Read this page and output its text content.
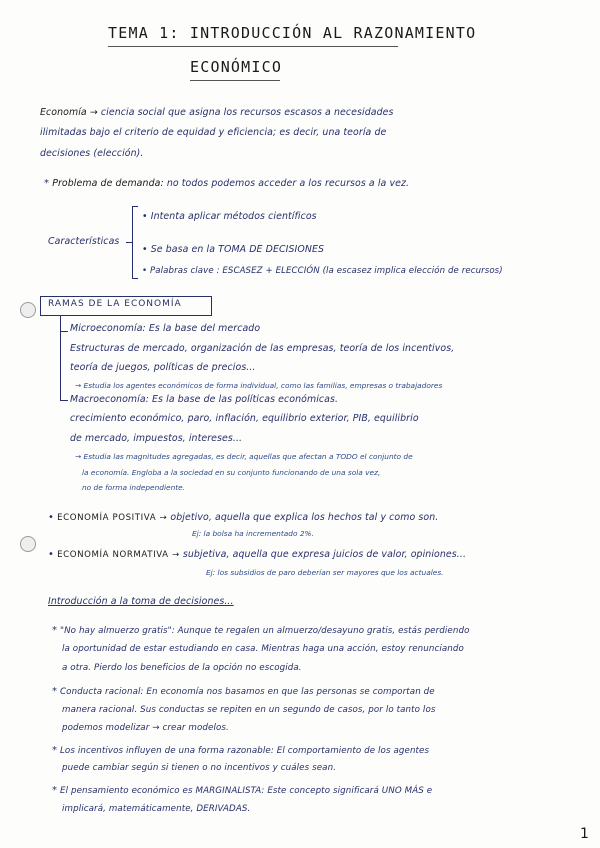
TEMA 1: INTRODUCCIÓN AL RAZONAMIENTO
ECONÓMICO
Economía → ciencia social que asigna los recursos escasos a necesidades
ilimitadas bajo el criterio de equidad y eficiencia; es decir, una teoría de
decisiones (elección).
* Problema de demanda: no todos podemos acceder a los recursos a la vez.
Características
• Intenta aplicar métodos científicos
• Se basa en la TOMA DE DECISIONES
• Palabras clave : ESCASEZ + ELECCIÓN (la escasez implica elección de recursos)
RAMAS DE LA ECONOMÍA
Microeconomía: Es la base del mercado
Estructuras de mercado, organización de las empresas, teoría de los incentivos,
teoría de juegos, políticas de precios...
→ Estudia los agentes económicos de forma individual, como las familias, empresas o trabajadores
Macroeconomía: Es la base de las políticas económicas.
crecimiento económico, paro, inflación, equilibrio exterior, PIB, equilibrio
de mercado, impuestos, intereses...
→ Estudia las magnitudes agregadas, es decir, aquellas que afectan a TODO el conjunto de
la economía. Engloba a la sociedad en su conjunto funcionando de una sola vez,
no de forma independiente.
• ECONOMÍA POSITIVA → objetivo, aquella que explica los hechos tal y como son.
Ej: la bolsa ha incrementado 2%.
• ECONOMÍA NORMATIVA → subjetiva, aquella que expresa juicios de valor, opiniones...
Ej: los subsidios de paro deberían ser mayores que los actuales.
Introducción a la toma de decisiones...
* "No hay almuerzo gratis": Aunque te regalen un almuerzo/desayuno gratis, estás perdiendo
la oportunidad de estar estudiando en casa. Mientras haga una acción, estoy renunciando
a otra. Pierdo los beneficios de la opción no escogida.
* Conducta racional: En economía nos basamos en que las personas se comportan de
manera racional. Sus conductas se repiten en un segundo de casos, por lo tanto los
podemos modelizar → crear modelos.
* Los incentivos influyen de una forma razonable: El comportamiento de los agentes
puede cambiar según si tienen o no incentivos y cuáles sean.
* El pensamiento económico es MARGINALISTA: Este concepto significará UNO MÁS e
implicará, matemáticamente, DERIVADAS.
1
